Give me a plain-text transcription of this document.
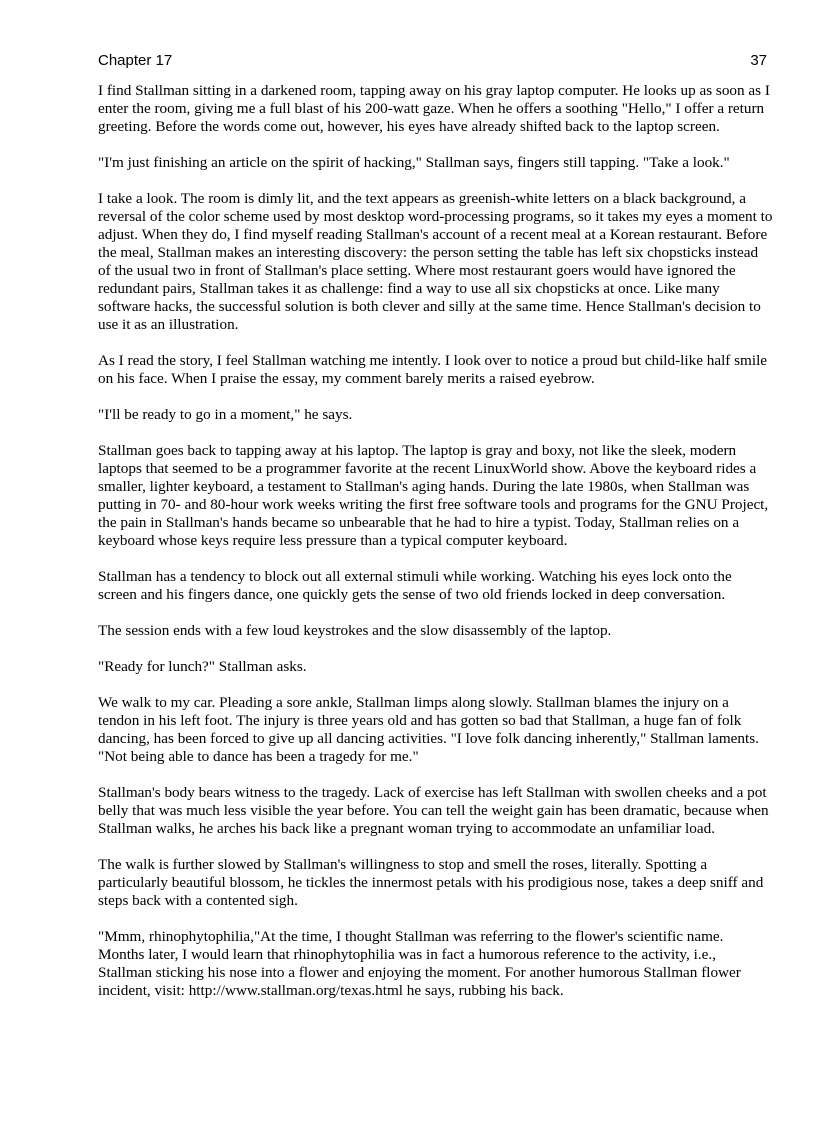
Chapter 17	37

I find Stallman sitting in a darkened room, tapping away on his gray laptop computer. He looks up as soon as I enter the room, giving me a full blast of his 200-watt gaze. When he offers a soothing "Hello," I offer a return greeting. Before the words come out, however, his eyes have already shifted back to the laptop screen.

"I'm just finishing an article on the spirit of hacking," Stallman says, fingers still tapping. "Take a look."

I take a look. The room is dimly lit, and the text appears as greenish-white letters on a black background, a reversal of the color scheme used by most desktop word-processing programs, so it takes my eyes a moment to adjust. When they do, I find myself reading Stallman's account of a recent meal at a Korean restaurant. Before the meal, Stallman makes an interesting discovery: the person setting the table has left six chopsticks instead of the usual two in front of Stallman's place setting. Where most restaurant goers would have ignored the redundant pairs, Stallman takes it as challenge: find a way to use all six chopsticks at once. Like many software hacks, the successful solution is both clever and silly at the same time. Hence Stallman's decision to use it as an illustration.

As I read the story, I feel Stallman watching me intently. I look over to notice a proud but child-like half smile on his face. When I praise the essay, my comment barely merits a raised eyebrow.

"I'll be ready to go in a moment," he says.

Stallman goes back to tapping away at his laptop. The laptop is gray and boxy, not like the sleek, modern laptops that seemed to be a programmer favorite at the recent LinuxWorld show. Above the keyboard rides a smaller, lighter keyboard, a testament to Stallman's aging hands. During the late 1980s, when Stallman was putting in 70- and 80-hour work weeks writing the first free software tools and programs for the GNU Project, the pain in Stallman's hands became so unbearable that he had to hire a typist. Today, Stallman relies on a keyboard whose keys require less pressure than a typical computer keyboard.

Stallman has a tendency to block out all external stimuli while working. Watching his eyes lock onto the screen and his fingers dance, one quickly gets the sense of two old friends locked in deep conversation.

The session ends with a few loud keystrokes and the slow disassembly of the laptop.

"Ready for lunch?" Stallman asks.

We walk to my car. Pleading a sore ankle, Stallman limps along slowly. Stallman blames the injury on a tendon in his left foot. The injury is three years old and has gotten so bad that Stallman, a huge fan of folk dancing, has been forced to give up all dancing activities. "I love folk dancing inherently," Stallman laments. "Not being able to dance has been a tragedy for me."

Stallman's body bears witness to the tragedy. Lack of exercise has left Stallman with swollen cheeks and a pot belly that was much less visible the year before. You can tell the weight gain has been dramatic, because when Stallman walks, he arches his back like a pregnant woman trying to accommodate an unfamiliar load.

The walk is further slowed by Stallman's willingness to stop and smell the roses, literally. Spotting a particularly beautiful blossom, he tickles the innermost petals with his prodigious nose, takes a deep sniff and steps back with a contented sigh.

"Mmm, rhinophytophilia,"At the time, I thought Stallman was referring to the flower's scientific name. Months later, I would learn that rhinophytophilia was in fact a humorous reference to the activity, i.e., Stallman sticking his nose into a flower and enjoying the moment. For another humorous Stallman flower incident, visit: http://www.stallman.org/texas.html he says, rubbing his back.
